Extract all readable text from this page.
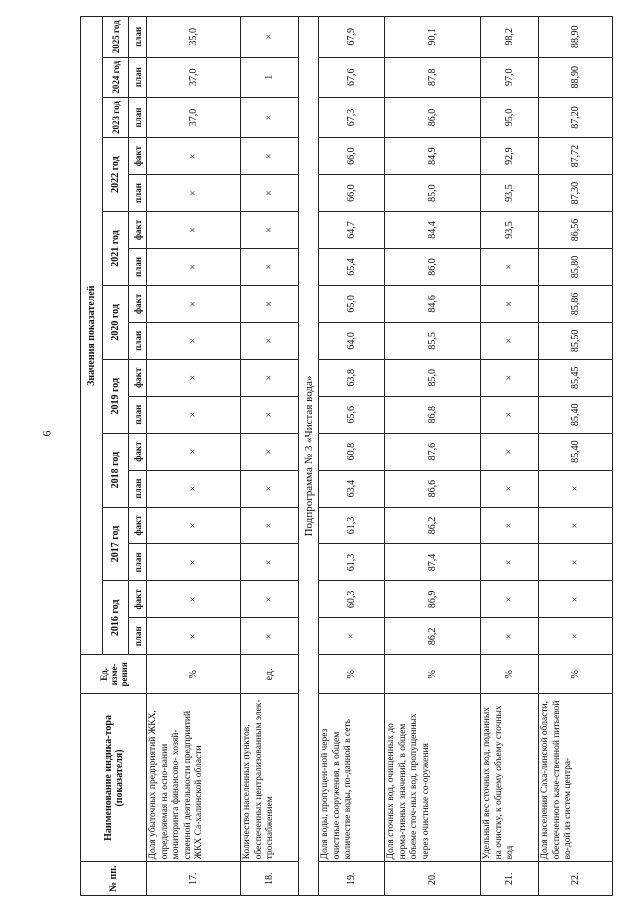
6
№ пп.	Наименование индика-тора (показателя)	Ед. изме-рения	Значения показателей																
			2016 год		2017 год		2018 год		2019 год		2020 год		2021 год		2022 год		2023 год	2024 год	2025 год
			план	факт	план	факт	план	факт	план	факт	план	факт	план	факт	план	факт	план	план	план
17.	Доля убыточных предприятий ЖКХ, определяемая на осно-вании мониторинга финансово- хозяй-ственной деятельности предприятий ЖКХ Са-халинской области	%	×	×	×	×	×	×	×	×	×	×	×	×	×	×	37,0	37,0	35,0
18.	Количество населенных пунктов, обеспеченных централизованным элек-троснабжением	ед.	×	×	×	×	×	×	×	×	×	×	×	×	×	×	×	1	×
Подпрограмма № 3 «Чистая вода»																			
19.	Доля воды, пропущен-ной через очистные сооружения, в общем количестве воды, по-данной в сеть	%	×	60,3	61,3	61,3	63,4	60,8	65,6	63,8	64,0	65,0	65,4	64,7	66,0	66,0	67,3	67,6	67,9
20.	Доля сточных вод, очищенных до норма-тивных значений, в общем объеме сточ-ных вод, пропущенных через очистные со-оружения	%	86,2	86,9	87,4	86,2	86,6	87,6	86,8	85,0	85,5	84,6	86,0	84,4	85,0	84,9	86,0	87,8	90,1
21.	Удельный вес сточных вод, поданных на очистку, к общему объему сточных вод	%	×	×	×	×	×	×	×	×	×	×	×	93,5	93,5	92,9	95,0	97,0	98,2
22.	Доля населения Саха-линской области, обеспеченного каче-ственной питьевой во-дой из систем центра-	%	×	×	×	×	×	85,40	85,40	85,45	85,50	85,86	85,80	86,56	87,30	87,72	87,20	88,90	88,90
